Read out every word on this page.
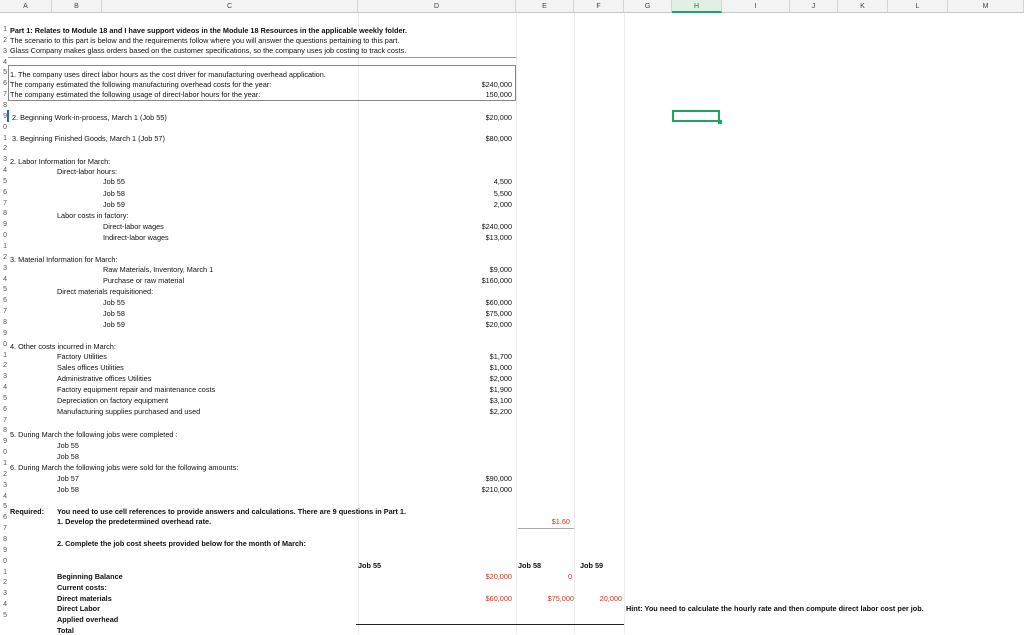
A	B	C	D	E	F	G	H	I	J	K	L	M
1
2
3
4
5
6
7
8
9
0
1
2
3
4
5
6
7
8
9
0
1
2
3
4
5
6
7
8
9
0
1
2
3
4
5
6
7
8
9
0
1
2
3
4
5
6
7
8
9
0
1
2
3
4
5
Part 1: Relates to Module 18 and I have support videos in the Module 18 Resources in the applicable weekly folder.
The scenario to this part is below and the requirements follow where you will answer the questions pertaining to this part.
Glass Company makes glass orders based on the customer specifications, so the company uses job costing to track costs.
1. The company uses direct labor hours as the cost driver for manufacturing overhead application.
The company estimated the following manufacturing overhead costs for the year:	$240,000
The company estimated the following usage of direct-labor hours for the year:	150,000
2. Beginning Work-in-process, March 1 (Job 55)	$20,000
3. Beginning Finished Goods, March 1 (Job 57)	$80,000
2. Labor Information for March:
Direct-labor hours:
Job 55	4,500
Job 58	5,500
Job 59	2,000
Labor costs in factory:
Direct-labor wages	$240,000
Indirect-labor wages	$13,000
3. Material Information for March:
Raw Materials, Inventory, March 1	$9,000
Purchase or raw material	$160,000
Direct materials requisitioned:
Job 55	$60,000
Job 58	$75,000
Job 59	$20,000
4. Other costs incurred in March:
Factory Utilities	$1,700
Sales offices Utilities	$1,000
Administrative offices Utilities	$2,000
Factory equipment repair and maintenance costs	$1,900
Depreciation on factory equipment	$3,100
Manufacturing supplies purchased and used	$2,200
5. During March the following jobs were completed :
Job 55
Job 58
6. During March the following jobs were sold for the following amounts:
Job 57	$90,000
Job 58	$210,000
Required: You need to use cell references to provide answers and calculations. There are 9 questions in Part 1.
1. Develop the predetermined overhead rate.	$1.60
2. Complete the job cost sheets provided below for the month of March:
Job 55	Job 58	Job 59
Beginning Balance	$20,000	0
Current costs:
Direct materials	$60,000	$75,000	20,000
Direct Labor	Hint: You need to calculate the hourly rate and then compute direct labor cost per job.
Applied overhead
Total
